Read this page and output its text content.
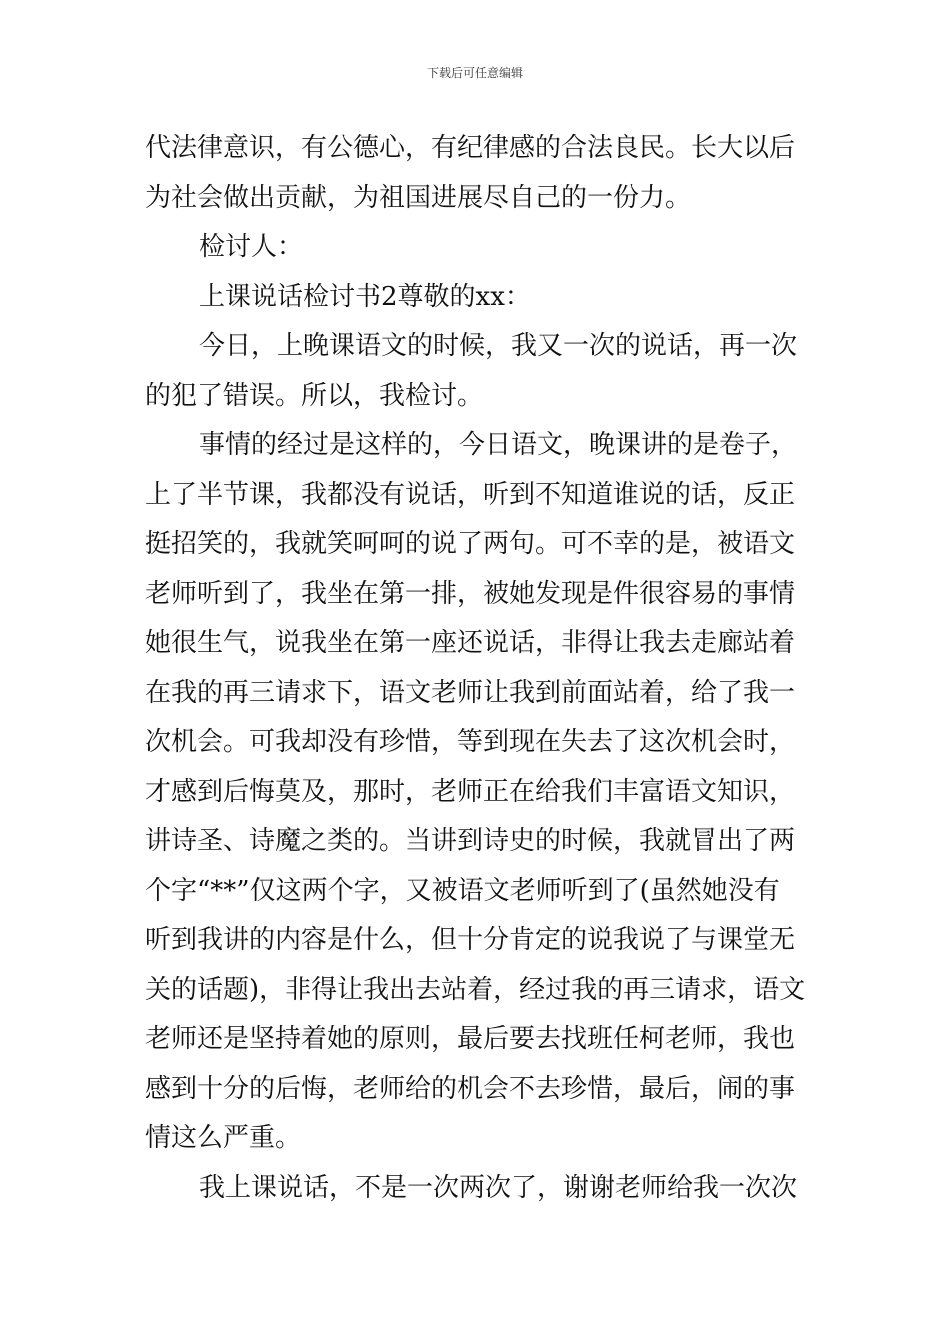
下载后可任意编辑
代法律意识，有公德心，有纪律感的合法良民。长大以后
为社会做出贡献，为祖国进展尽自己的一份力。
检讨人：
上课说话检讨书2尊敬的xx：
今日，上晚课语文的时候，我又一次的说话，再一次
的犯了错误。所以，我检讨。
事情的经过是这样的，今日语文，晚课讲的是卷子，
上了半节课，我都没有说话，听到不知道谁说的话，反正
挺招笑的，我就笑呵呵的说了两句。可不幸的是，被语文
老师听到了，我坐在第一排，被她发现是件很容易的事情
她很生气，说我坐在第一座还说话，非得让我去走廊站着
在我的再三请求下，语文老师让我到前面站着，给了我一
次机会。可我却没有珍惜，等到现在失去了这次机会时，
才感到后悔莫及，那时，老师正在给我们丰富语文知识，
讲诗圣、诗魔之类的。当讲到诗史的时候，我就冒出了两
个字“**”仅这两个字，又被语文老师听到了(虽然她没有
听到我讲的内容是什么，但十分肯定的说我说了与课堂无
关的话题)，非得让我出去站着，经过我的再三请求，语文
老师还是坚持着她的原则，最后要去找班任柯老师，我也
感到十分的后悔，老师给的机会不去珍惜，最后，闹的事
情这么严重。
我上课说话，不是一次两次了，谢谢老师给我一次次
